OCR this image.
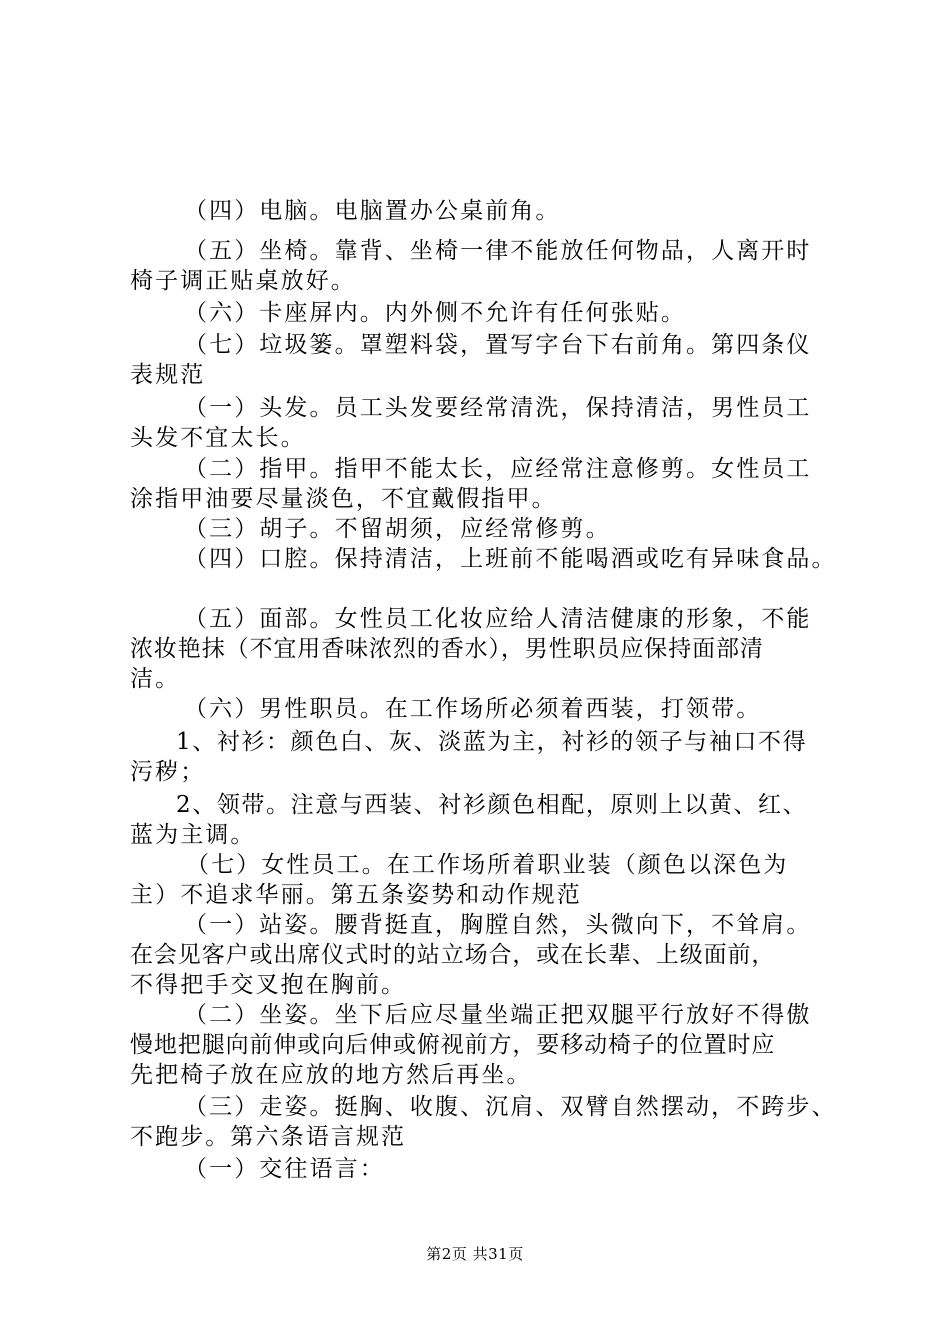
（四）电脑。电脑置办公桌前角。

（五）坐椅。靠背、坐椅一律不能放任何物品，人离开时

椅子调正贴桌放好。

（六）卡座屏内。内外侧不允许有任何张贴。

（七）垃圾篓。罩塑料袋，置写字台下右前角。第四条仪

表规范

（一）头发。员工头发要经常清洗，保持清洁，男性员工

头发不宜太长。

（二）指甲。指甲不能太长，应经常注意修剪。女性员工

涂指甲油要尽量淡色，不宜戴假指甲。

（三）胡子。不留胡须，应经常修剪。

（四）口腔。保持清洁，上班前不能喝酒或吃有异味食品。

（五）面部。女性员工化妆应给人清洁健康的形象，不能

浓妆艳抹（不宜用香味浓烈的香水），男性职员应保持面部清

洁。

（六）男性职员。在工作场所必须着西装，打领带。

1、衬衫：颜色白、灰、淡蓝为主，衬衫的领子与袖口不得

污秽；

2、领带。注意与西装、衬衫颜色相配，原则上以黄、红、

蓝为主调。

（七）女性员工。在工作场所着职业装（颜色以深色为

主）不追求华丽。第五条姿势和动作规范

（一）站姿。腰背挺直，胸膛自然，头微向下，不耸肩。

在会见客户或出席仪式时的站立场合，或在长辈、上级面前，

不得把手交叉抱在胸前。

（二）坐姿。坐下后应尽量坐端正把双腿平行放好不得傲

慢地把腿向前伸或向后伸或俯视前方，要移动椅子的位置时应

先把椅子放在应放的地方然后再坐。

（三）走姿。挺胸、收腹、沉肩、双臂自然摆动，不跨步、

不跑步。第六条语言规范

（一）交往语言：

第2页 共31页
